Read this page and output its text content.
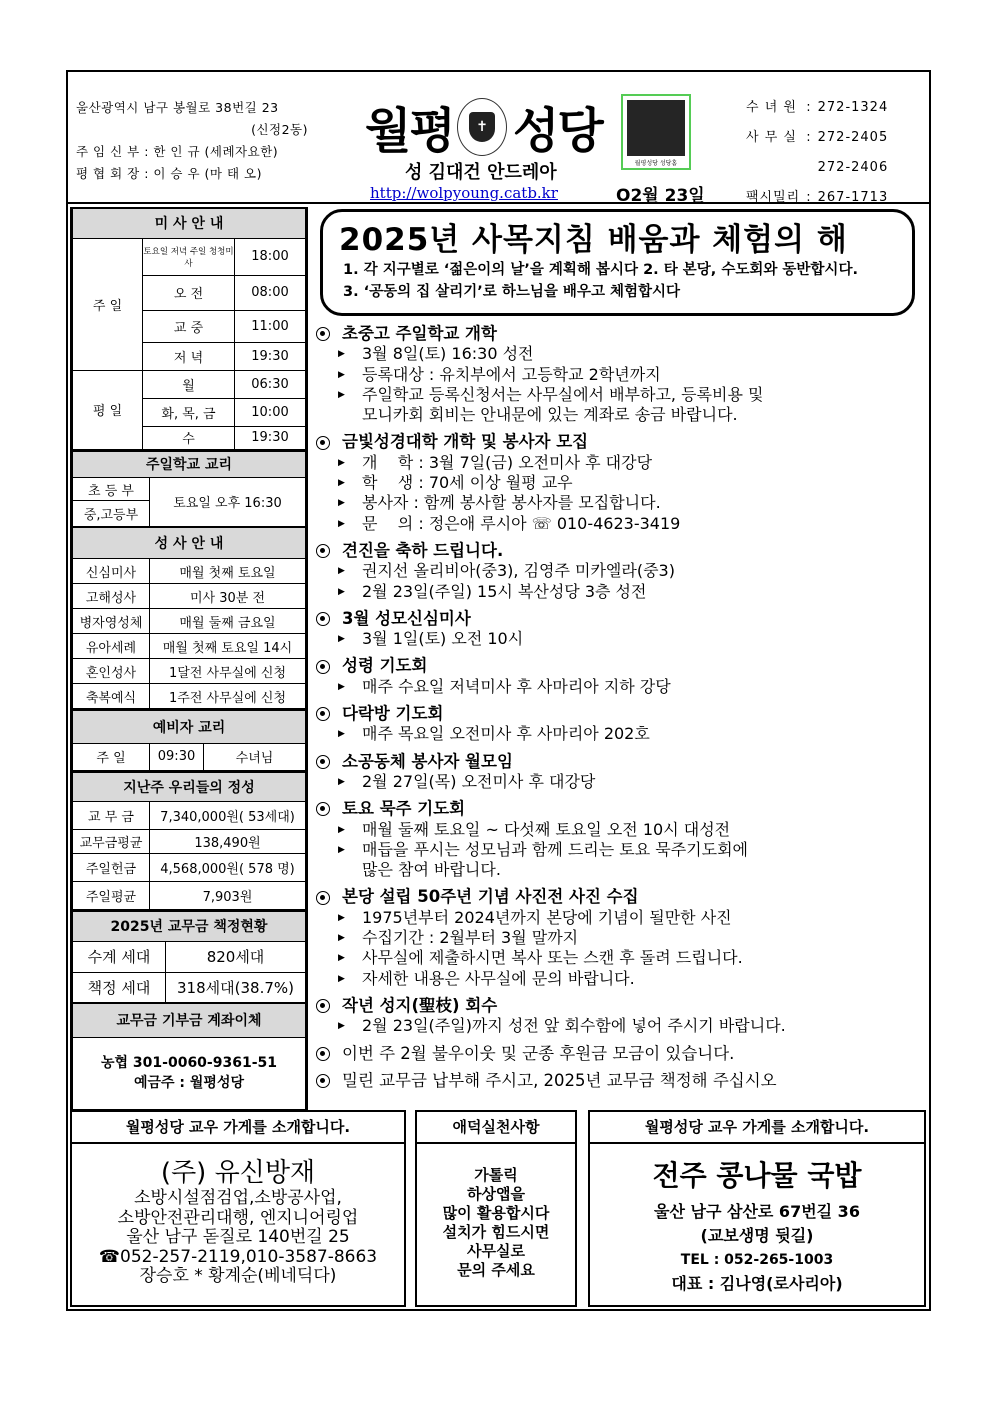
울산광역시 남구 봉월로 38번길 23
(신정2동)
주 임 신 부 : 한 인 규 (세례자요한)
평 협 회 장 : 이 승 우 (마 태 오)
월평	✝ 성당
성 김대건 안드레아
http://wolpyoung.catb.kr	O2월 23일
월평성당 성당홈
수 녀 원	:	272-1324
사 무 실	:	272-2405
		272-2406
팩시밀리	:	267-1713
미 사 안 내		
주 일	토요일 저녁 주일 청청미사	18:00
	오 전	08:00
	교 중	11:00
	저 녁	19:30
평 일	월	06:30
	화, 목, 금	10:00
	수	19:30
주일학교 교리	
초 등 부	토요일 오후 16:30
중,고등부	
성 사 안 내	
신심미사	매월 첫째 토요일
고해성사	미사 30분 전
병자영성체	매월 둘째 금요일
유아세례	매월 첫째 토요일 14시
혼인성사	1달전 사무실에 신청
축복예식	1주전 사무실에 신청
예비자 교리
주 일	09:30	수녀님
지난주 우리들의 정성	
교 무 금	7,340,000원( 53세대)
교무금평균	138,490원
주일헌금	4,568,000원( 578 명)
주일평균	7,903원
2025년 교무금 책정현황	
수계 세대	820세대
책정 세대	318세대(38.7%)
교무금 기부금 계좌이체	

농협 301-0060-9361-51
예금주 : 월평성당	
2025년 사목지침 배움과 체험의 해

1. 각 지구별로 ‘젊은이의 날’을 계획해 봅시다 2. 타 본당, 수도회와 동반합시다.

3. ‘공동의 집 살리기’로 하느님을 배우고 체험합시다

초중고 주일학교 개학
▶	3월 8일(토) 16:30 성전
▶	등록대상 : 유치부에서 고등학교 2학년까지
▶	주일학교 등록신청서는 사무실에서 배부하고, 등록비용 및
모니카회 회비는 안내문에 있는 계좌로 송금 바랍니다.
금빛성경대학 개학 및 봉사자 모집
▶	개    학 : 3월 7일(금) 오전미사 후 대강당
▶	학    생 : 70세 이상 월평 교우
▶	봉사자 : 함께 봉사할 봉사자를 모집합니다.
▶	문    의 : 정은애 루시아 ☏ 010-4623-3419
견진을 축하 드립니다.
▶	권지선 올리비아(중3), 김영주 미카엘라(중3)
▶	2월 23일(주일) 15시 복산성당 3층 성전
3월 성모신심미사
▶	3월 1일(토) 오전 10시
성령 기도회
▶	매주 수요일 저녁미사 후 사마리아 지하 강당
다락방 기도회
▶	매주 목요일 오전미사 후 사마리아 202호
소공동체 봉사자 월모임
▶	2월 27일(목) 오전미사 후 대강당
토요 묵주 기도회
▶	매월 둘째 토요일 ~ 다섯째 토요일 오전 10시 대성전
▶	매듭을 푸시는 성모님과 함께 드리는 토요 묵주기도회에
많은 참여 바랍니다.
본당 설립 50주년 기념 사진전 사진 수집
▶	1975년부터 2024년까지 본당에 기념이 될만한 사진
▶	수집기간 : 2월부터 3월 말까지
▶	사무실에 제출하시면 복사 또는 스캔 후 돌려 드립니다.
▶	자세한 내용은 사무실에 문의 바랍니다.
작년 성지(聖枝) 회수
▶	2월 23일(주일)까지 성전 앞 회수함에 넣어 주시기 바랍니다.
이번 주 2월 불우이웃 및 군종 후원금 모금이 있습니다.
밀린 교무금 납부해 주시고, 2025년 교무금 책정해 주십시오
월평성당 교우 가게를 소개합니다.
(주) 유신방재
소방시설점검업,소방공사업,
소방안전관리대행, 엔지니어링업
울산 남구 돋질로 140번길 25
☎052-257-2119,010-3587-8663
장승호 * 황계순(베네딕다)
애덕실천사항
가톨릭
하상앱을
많이 활용합시다
설치가 힘드시면
사무실로
문의 주세요
월평성당 교우 가게를 소개합니다.
전주 콩나물 국밥
울산 남구 삼산로 67번길 36
(교보생명 뒷길)
TEL : 052-265-1003
대표 : 김나영(로사리아)
